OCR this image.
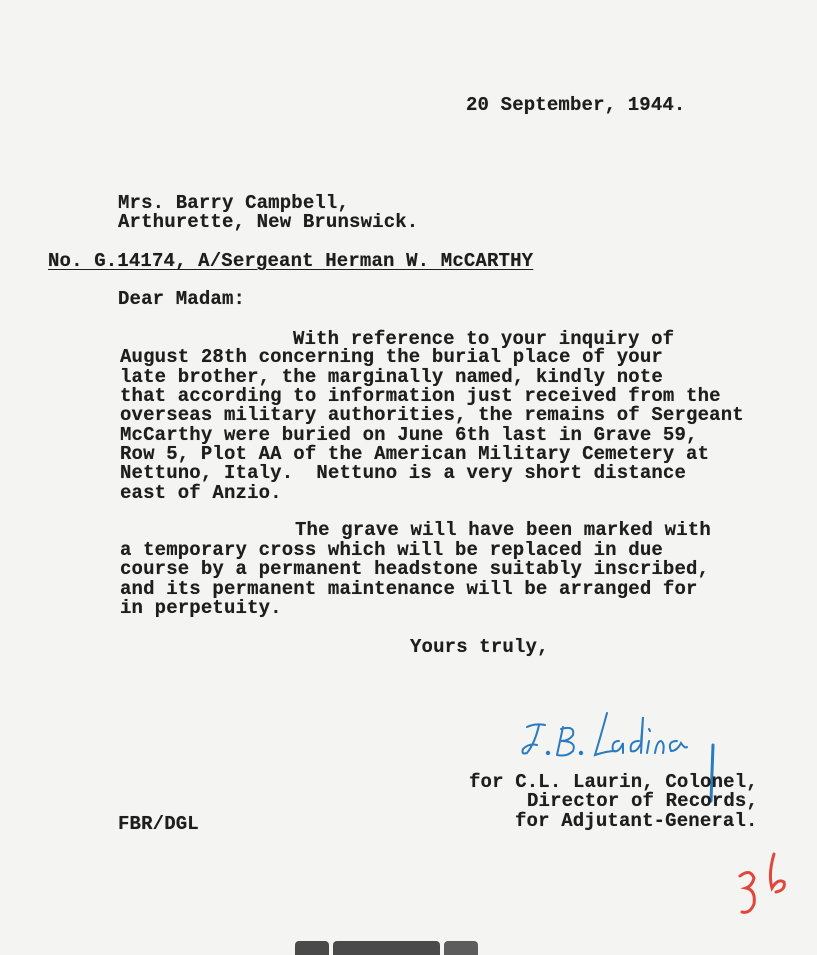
20 September, 1944.
Mrs. Barry Campbell,
Arthurette, New Brunswick.
No. G.14174, A/Sergeant Herman W. McCARTHY
Dear Madam:
With reference to your inquiry of
August 28th concerning the burial place of your
late brother, the marginally named, kindly note
that according to information just received from the
overseas military authorities, the remains of Sergeant
McCarthy were buried on June 6th last in Grave 59,
Row 5, Plot AA of the American Military Cemetery at
Nettuno, Italy.  Nettuno is a very short distance
east of Anzio.
The grave will have been marked with
a temporary cross which will be replaced in due
course by a permanent headstone suitably inscribed,
and its permanent maintenance will be arranged for
in perpetuity.
Yours truly,
for C.L. Laurin, Colonel,
Director of Records,
for Adjutant-General.
FBR/DGL
